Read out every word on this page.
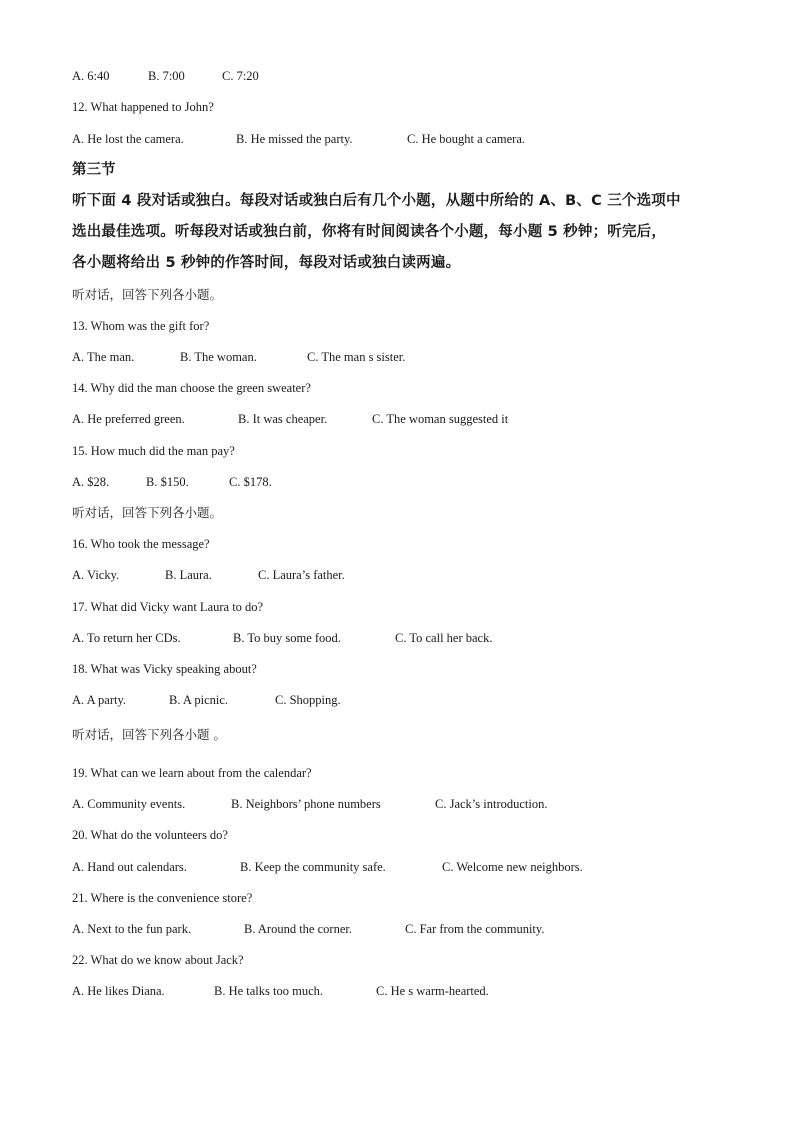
A. 6:40	B. 7:00	C. 7:20
12. What happened to John?
A. He lost the camera.	B. He missed the party.	C. He bought a camera.
第三节
听下面 4 段对话或独白。每段对话或独白后有几个小题，从题中所给的 A、B、C 三个选项中
选出最佳选项。听每段对话或独白前，你将有时间阅读各个小题，每小题 5 秒钟；听完后，
各小题将给出 5 秒钟的作答时间，每段对话或独白读两遍。
听对话，回答下列各小题。
13. Whom was the gift for?
A. The man.	B. The woman.	C. The man s sister.
14. Why did the man choose the green sweater?
A. He preferred green.	B. It was cheaper.	C. The woman suggested it
15. How much did the man pay?
A. $28.	B. $150.	C. $178.
听对话，回答下列各小题。
16. Who took the message?
A. Vicky.	B. Laura.	C. Laura’s father.
17. What did Vicky want Laura to do?
A. To return her CDs.	B. To buy some food.	C. To call her back.
18. What was Vicky speaking about?
A. A party.	B. A picnic.	C. Shopping.
听对话，回答下列各小题 。
19. What can we learn about from the calendar?
A. Community events.	B. Neighbors’ phone numbers	C. Jack’s introduction.
20. What do the volunteers do?
A. Hand out calendars.	B. Keep the community safe.	C. Welcome new neighbors.
21. Where is the convenience store?
A. Next to the fun park.	B. Around the corner.	C. Far from the community.
22. What do we know about Jack?
A. He likes Diana.	B. He talks too much.	C. He s warm-hearted.
